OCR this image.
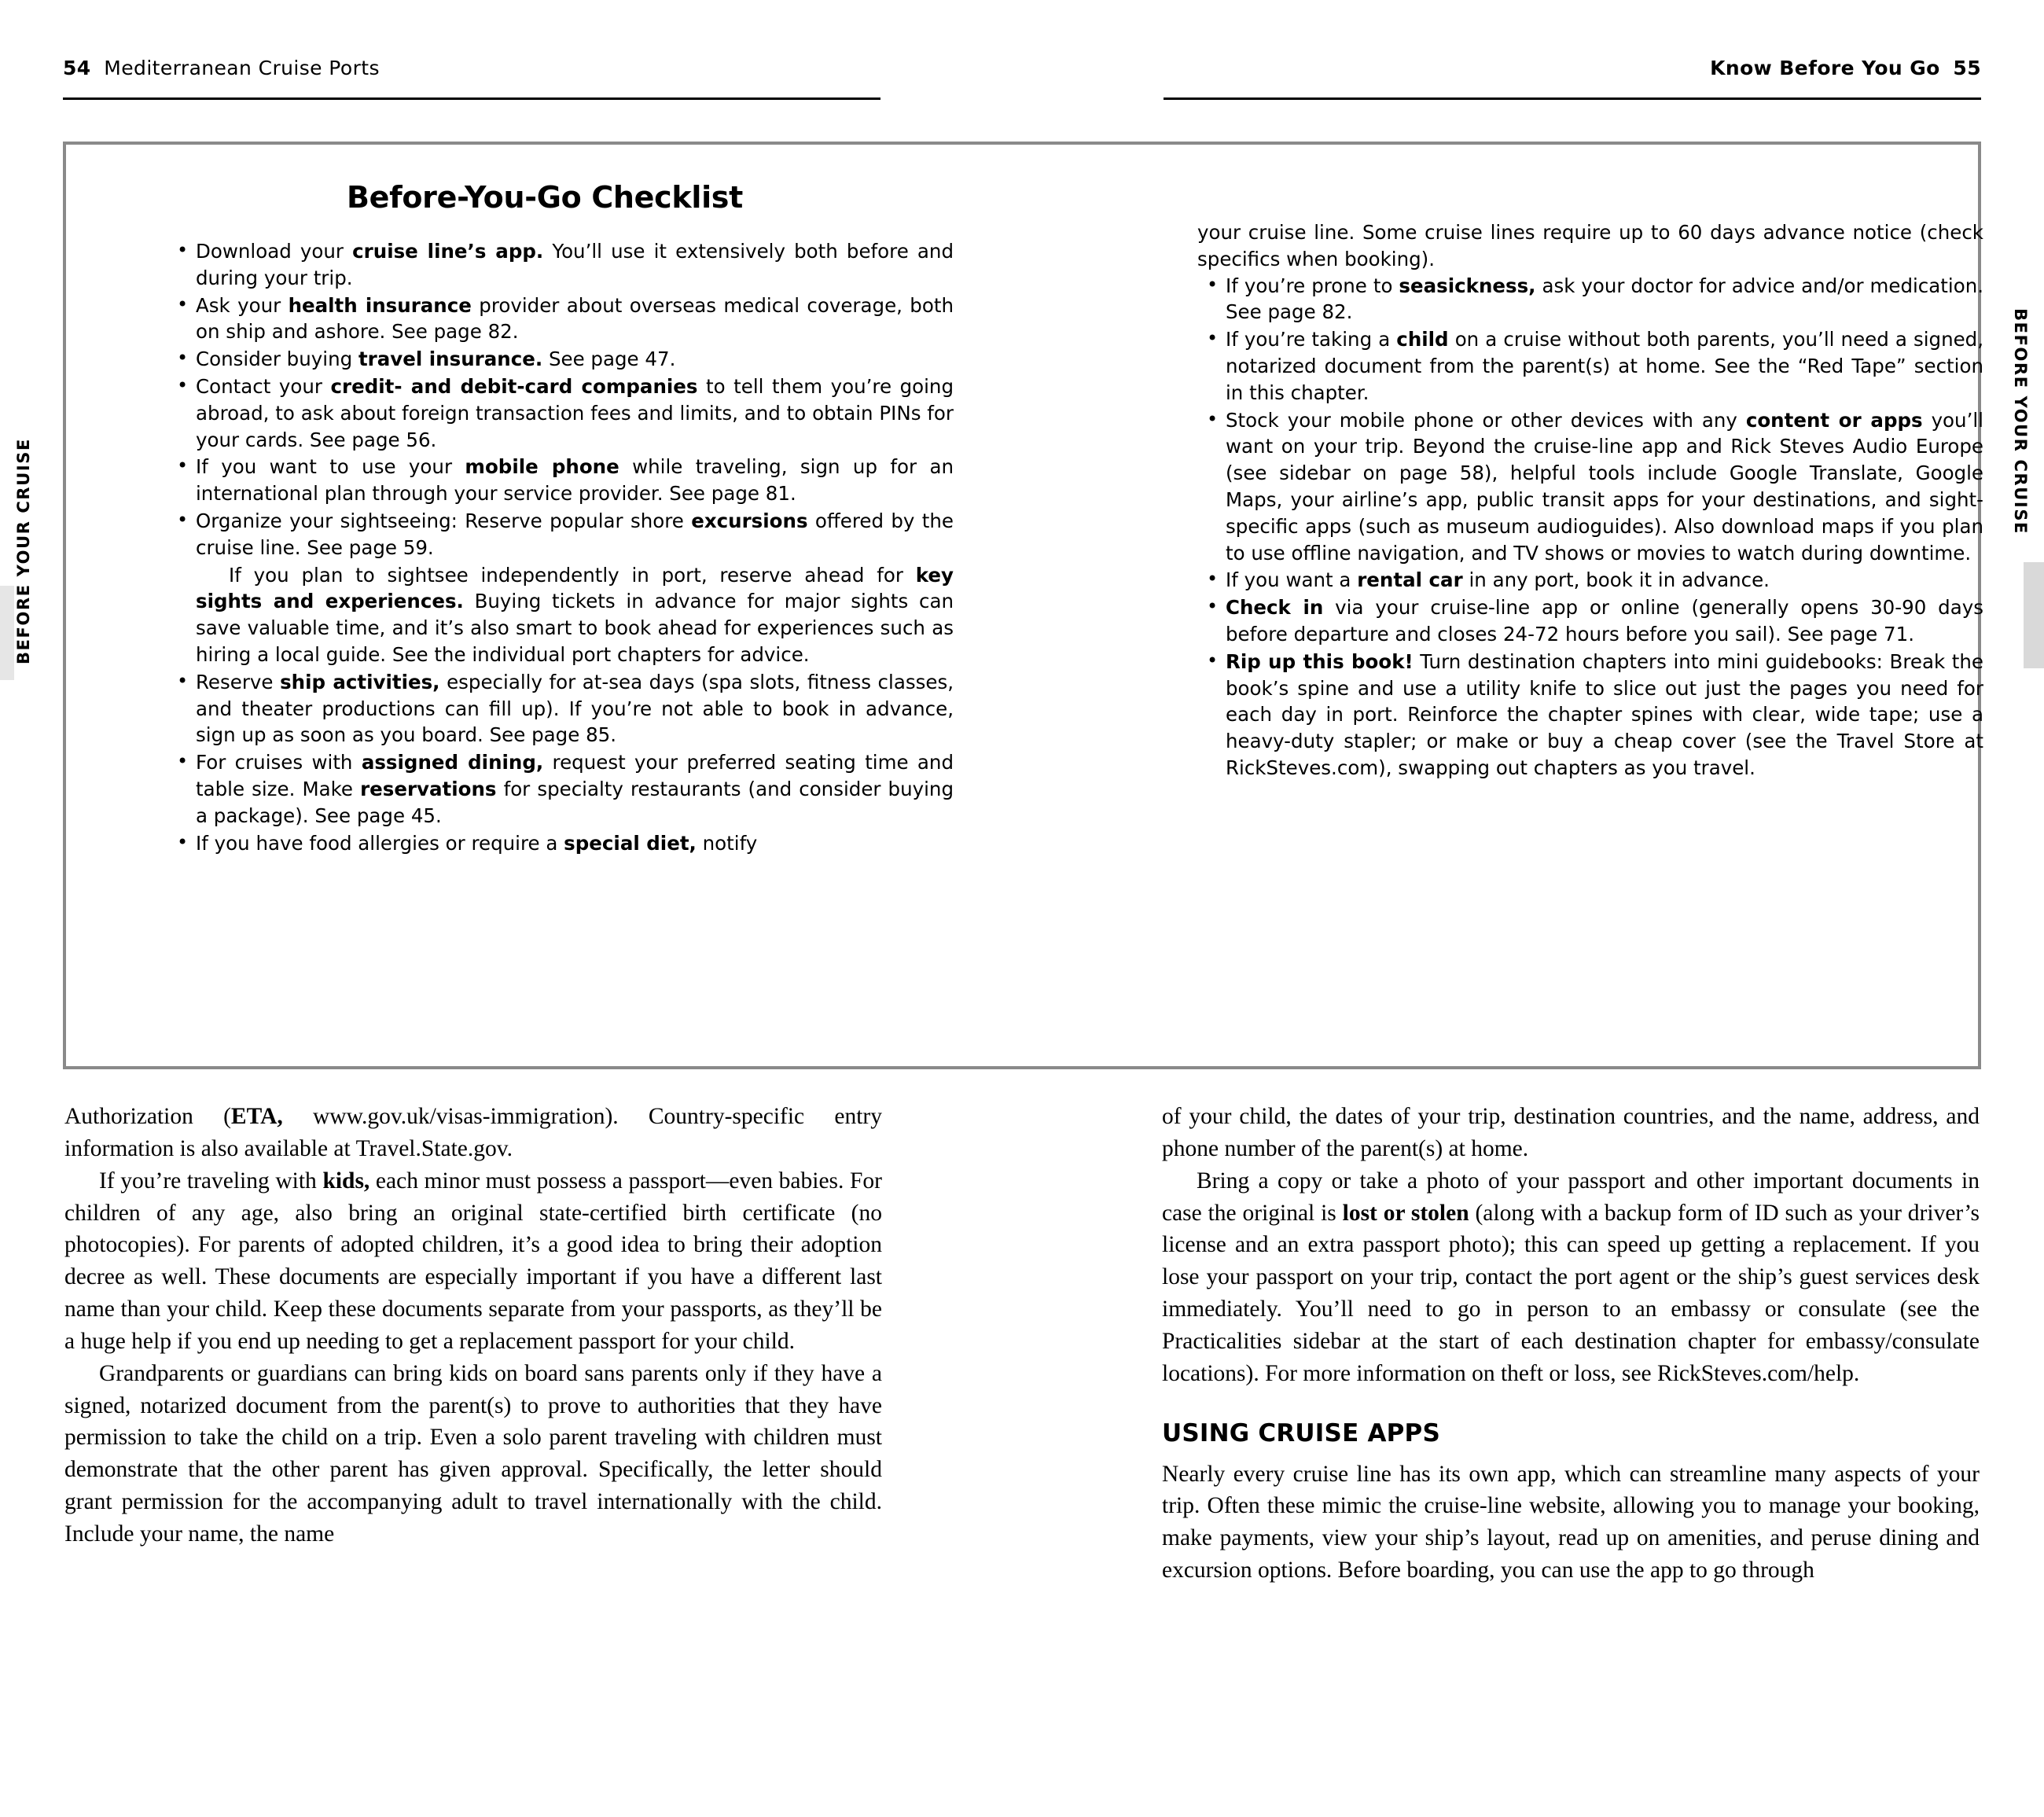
54 Mediterranean Cruise Ports	Know Before You Go 55
BEFORE YOUR CRUISE
BEFORE YOUR CRUISE
Before-You-Go Checklist
• Download your cruise line’s app. You’ll use it extensively both before and during your trip.
• Ask your health insurance provider about overseas medical coverage, both on ship and ashore. See page 82.
• Consider buying travel insurance. See page 47.
• Contact your credit- and debit-card companies to tell them you’re going abroad, to ask about foreign transaction fees and limits, and to obtain PINs for your cards. See page 56.
• If you want to use your mobile phone while traveling, sign up for an international plan through your service provider. See page 81.
• Organize your sightseeing: Reserve popular shore excursions offered by the cruise line. See page 59.
If you plan to sightsee independently in port, reserve ahead for key sights and experiences. Buying tickets in advance for major sights can save valuable time, and it’s also smart to book ahead for experiences such as hiring a local guide. See the individual port chapters for advice.
• Reserve ship activities, especially for at-sea days (spa slots, fitness classes, and theater productions can fill up). If you’re not able to book in advance, sign up as soon as you board. See page 85.
• For cruises with assigned dining, request your preferred seating time and table size. Make reservations for specialty restaurants (and consider buying a package). See page 45.
• If you have food allergies or require a special diet, notify
your cruise line. Some cruise lines require up to 60 days advance notice (check specifics when booking).
• If you’re prone to seasickness, ask your doctor for advice and/or medication. See page 82.
• If you’re taking a child on a cruise without both parents, you’ll need a signed, notarized document from the parent(s) at home. See the “Red Tape” section in this chapter.
• Stock your mobile phone or other devices with any content or apps you’ll want on your trip. Beyond the cruise-line app and Rick Steves Audio Europe (see sidebar on page 58), helpful tools include Google Translate, Google Maps, your airline’s app, public transit apps for your destinations, and sight-specific apps (such as museum audioguides). Also download maps if you plan to use offline navigation, and TV shows or movies to watch during downtime.
• If you want a rental car in any port, book it in advance.
• Check in via your cruise-line app or online (generally opens 30-90 days before departure and closes 24-72 hours before you sail). See page 71.
• Rip up this book! Turn destination chapters into mini guidebooks: Break the book’s spine and use a utility knife to slice out just the pages you need for each day in port. Reinforce the chapter spines with clear, wide tape; use a heavy-duty stapler; or make or buy a cheap cover (see the Travel Store at RickSteves.com), swapping out chapters as you travel.

Authorization (ETA, www.gov.uk/visas-immigration). Country-specific entry information is also available at Travel.State.gov.

If you’re traveling with kids, each minor must possess a passport—even babies. For children of any age, also bring an original state-certified birth certificate (no photocopies). For parents of adopted children, it’s a good idea to bring their adoption decree as well. These documents are especially important if you have a different last name than your child. Keep these documents separate from your passports, as they’ll be a huge help if you end up needing to get a replacement passport for your child.

Grandparents or guardians can bring kids on board sans parents only if they have a signed, notarized document from the parent(s) to prove to authorities that they have permission to take the child on a trip. Even a solo parent traveling with children must demonstrate that the other parent has given approval. Specifically, the letter should grant permission for the accompanying adult to travel internationally with the child. Include your name, the name

of your child, the dates of your trip, destination countries, and the name, address, and phone number of the parent(s) at home.

Bring a copy or take a photo of your passport and other important documents in case the original is lost or stolen (along with a backup form of ID such as your driver’s license and an extra passport photo); this can speed up getting a replacement. If you lose your passport on your trip, contact the port agent or the ship’s guest services desk immediately. You’ll need to go in person to an embassy or consulate (see the Practicalities sidebar at the start of each destination chapter for embassy/consulate locations). For more information on theft or loss, see RickSteves.com/help.

USING CRUISE APPS

Nearly every cruise line has its own app, which can streamline many aspects of your trip. Often these mimic the cruise-line website, allowing you to manage your booking, make payments, view your ship’s layout, read up on amenities, and peruse dining and excursion options. Before boarding, you can use the app to go through
